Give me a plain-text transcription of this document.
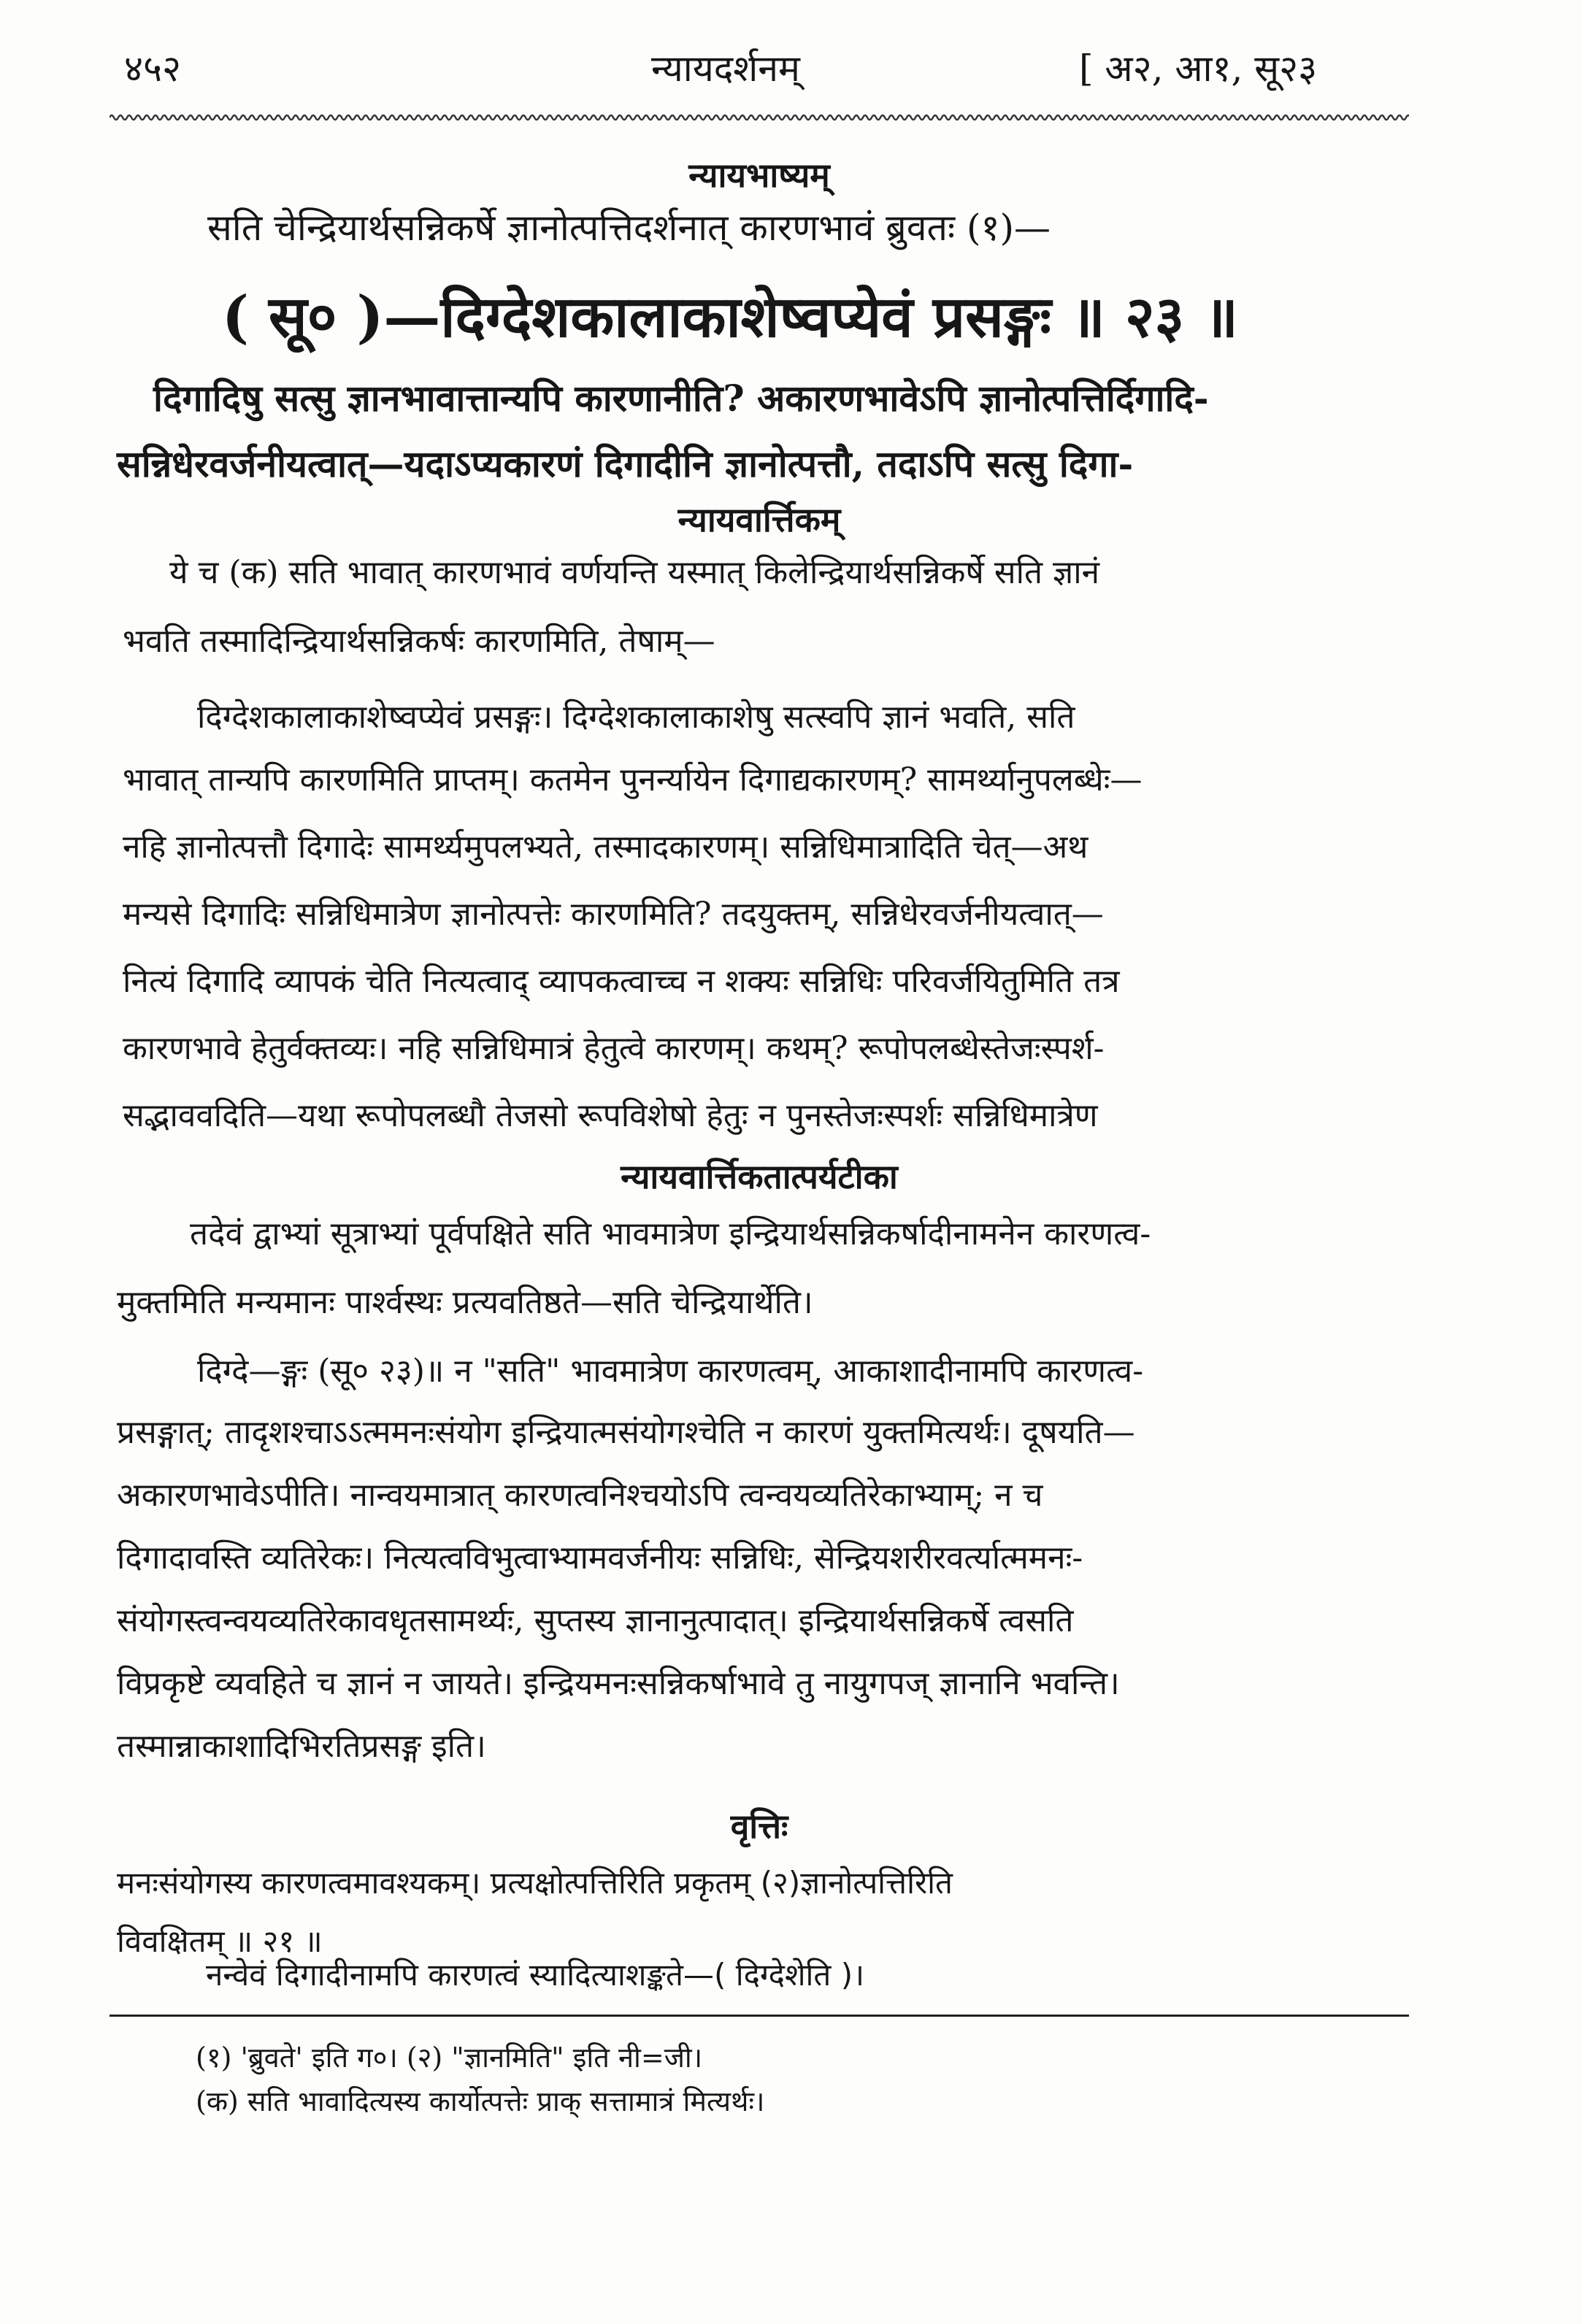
४५२	न्यायदर्शनम्	[ अ२, आ१, सू२३
न्यायभाष्यम्
सति चेन्द्रियार्थसन्निकर्षे ज्ञानोत्पत्तिदर्शनात् कारणभावं ब्रुवतः (१)—
( सू० )—दिग्देशकालाकाशेष्वप्येवं प्रसङ्गः ॥ २३ ॥
दिगादिषु सत्सु ज्ञानभावात्तान्यपि कारणानीति? अकारणभावेऽपि ज्ञानोत्पत्तिर्दिगादि-
सन्निधेरवर्जनीयत्वात्—यदाऽप्यकारणं दिगादीनि ज्ञानोत्पत्तौ, तदाऽपि सत्सु दिगा-
न्यायवार्त्तिकम्
ये च (क) सति भावात् कारणभावं वर्णयन्ति यस्मात् किलेन्द्रियार्थसन्निकर्षे सति ज्ञानं
भवति तस्मादिन्द्रियार्थसन्निकर्षः कारणमिति, तेषाम्—
दिग्देशकालाकाशेष्वप्येवं प्रसङ्गः। दिग्देशकालाकाशेषु सत्स्वपि ज्ञानं भवति, सति
भावात् तान्यपि कारणमिति प्राप्तम्। कतमेन पुनर्न्यायेन दिगाद्यकारणम्? सामर्थ्यानुपलब्धेः—
नहि ज्ञानोत्पत्तौ दिगादेः सामर्थ्यमुपलभ्यते, तस्मादकारणम्। सन्निधिमात्रादिति चेत्—अथ
मन्यसे दिगादिः सन्निधिमात्रेण ज्ञानोत्पत्तेः कारणमिति? तदयुक्तम्, सन्निधेरवर्जनीयत्वात्—
नित्यं दिगादि व्यापकं चेति नित्यत्वाद् व्यापकत्वाच्च न शक्यः सन्निधिः परिवर्जयितुमिति तत्र
कारणभावे हेतुर्वक्तव्यः। नहि सन्निधिमात्रं हेतुत्वे कारणम्। कथम्? रूपोपलब्धेस्तेजःस्पर्श-
सद्भाववदिति—यथा रूपोपलब्धौ तेजसो रूपविशेषो हेतुः न पुनस्तेजःस्पर्शः सन्निधिमात्रेण
न्यायवार्त्तिकतात्पर्यटीका
तदेवं द्वाभ्यां सूत्राभ्यां पूर्वपक्षिते सति भावमात्रेण इन्द्रियार्थसन्निकर्षादीनामनेन कारणत्व-
मुक्तमिति मन्यमानः पार्श्वस्थः प्रत्यवतिष्ठते—सति चेन्द्रियार्थेति।
दिग्दे—ङ्गः (सू० २३)॥ न "सति" भावमात्रेण कारणत्वम्, आकाशादीनामपि कारणत्व-
प्रसङ्गात्; तादृशश्चाऽऽत्ममनःसंयोग इन्द्रियात्मसंयोगश्चेति न कारणं युक्तमित्यर्थः। दूषयति—
अकारणभावेऽपीति। नान्वयमात्रात् कारणत्वनिश्चयोऽपि त्वन्वयव्यतिरेकाभ्याम्; न च
दिगादावस्ति व्यतिरेकः। नित्यत्वविभुत्वाभ्यामवर्जनीयः सन्निधिः, सेन्द्रियशरीरवर्त्यात्ममनः-
संयोगस्त्वन्वयव्यतिरेकावधृतसामर्थ्यः, सुप्तस्य ज्ञानानुत्पादात्। इन्द्रियार्थसन्निकर्षे त्वसति
विप्रकृष्टे व्यवहिते च ज्ञानं न जायते। इन्द्रियमनःसन्निकर्षाभावे तु नायुगपज् ज्ञानानि भवन्ति।
तस्मान्नाकाशादिभिरतिप्रसङ्ग इति।
वृत्तिः
मनःसंयोगस्य कारणत्वमावश्यकम्। प्रत्यक्षोत्पत्तिरिति प्रकृतम् (२)ज्ञानोत्पत्तिरिति
विवक्षितम् ॥ २१ ॥
नन्वेवं दिगादीनामपि कारणत्वं स्यादित्याशङ्कते—( दिग्देशेति )।
(१) 'ब्रुवते' इति ग०। (२) "ज्ञानमिति" इति नी=जी।
(क) सति भावादित्यस्य कार्योत्पत्तेः प्राक् सत्तामात्रं मित्यर्थः।
